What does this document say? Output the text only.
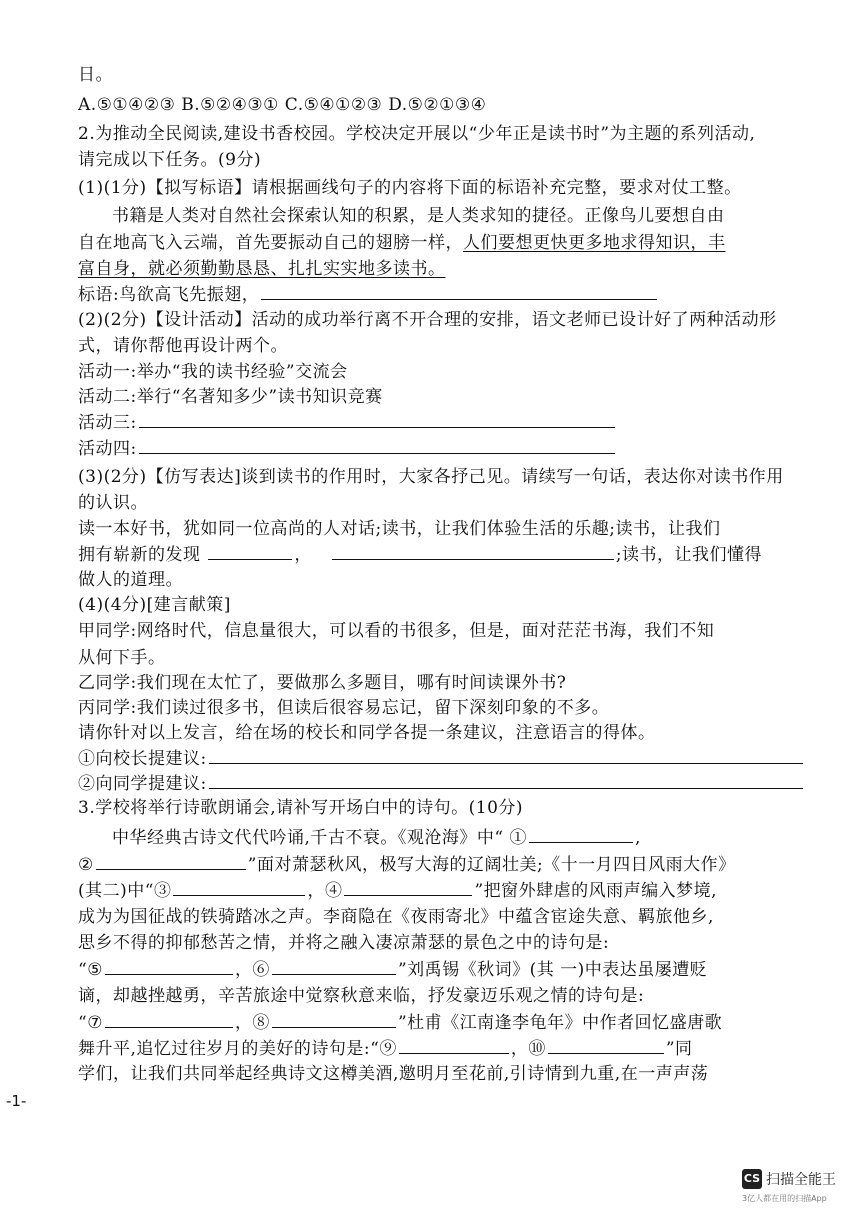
日。
A.⑤①④②③ B.⑤②④③① C.⑤④①②③ D.⑤②①③④
2.为推动全民阅读,建设书香校园。学校决定开展以“少年正是读书时”为主题的系列活动,
请完成以下任务。(9分)
(1)(1分)【拟写标语】请根据画线句子的内容将下面的标语补充完整，要求对仗工整。
书籍是人类对自然社会探索认知的积累，是人类求知的捷径。正像鸟儿要想自由
自在地高飞入云端，首先要振动自己的翅膀一样，人们要想更快更多地求得知识，丰
富自身，就必须勤勤恳恳、扎扎实实地多读书。
标语:鸟欲高飞先振翅，
(2)(2分)【设计活动】活动的成功举行离不开合理的安排，语文老师已设计好了两种活动形
式，请你帮他再设计两个。
活动一:举办“我的读书经验”交流会
活动二:举行“名著知多少”读书知识竞赛
活动三:
活动四:
(3)(2分)【仿写表达]谈到读书的作用时，大家各抒己见。请续写一句话，表达你对读书作用
的认识。
读一本好书，犹如同一位高尚的人对话;读书，让我们体验生活的乐趣;读书，让我们
拥有崭新的发现	，	;读书，让我们懂得
做人的道理。
(4)(4分)[建言献策]
甲同学:网络时代，信息量很大，可以看的书很多，但是，面对茫茫书海，我们不知
从何下手。
乙同学:我们现在太忙了，要做那么多题目，哪有时间读课外书?
丙同学:我们读过很多书，但读后很容易忘记，留下深刻印象的不多。
请你针对以上发言，给在场的校长和同学各提一条建议，注意语言的得体。
①向校长提建议:
②向同学提建议:
3.学校将举行诗歌朗诵会,请补写开场白中的诗句。(10分)
中华经典古诗文代代吟诵,千古不衰。《观沧海》中“ ①	,
②	”面对萧瑟秋风，极写大海的辽阔壮美;《十一月四日风雨大作》
(其二)中“③	，④	”把窗外肆虐的风雨声编入梦境,
成为为国征战的铁骑踏冰之声。李商隐在《夜雨寄北》中蕴含宦途失意、羁旅他乡,
思乡不得的抑郁愁苦之情，并将之融入凄凉萧瑟的景色之中的诗句是:
“⑤	，⑥	”刘禹锡《秋词》(其 一)中表达虽屡遭贬
谪，却越挫越勇，辛苦旅途中觉察秋意来临，抒发豪迈乐观之情的诗句是:
“⑦	，⑧	”杜甫《江南逢李龟年》中作者回忆盛唐歌
舞升平,追忆过往岁月的美好的诗句是:“⑨	，⑩	”同
学们，让我们共同举起经典诗文这樽美酒,邀明月至花前,引诗情到九重,在一声声荡
-1-
CS 扫描全能王
3亿人都在用的扫描App
